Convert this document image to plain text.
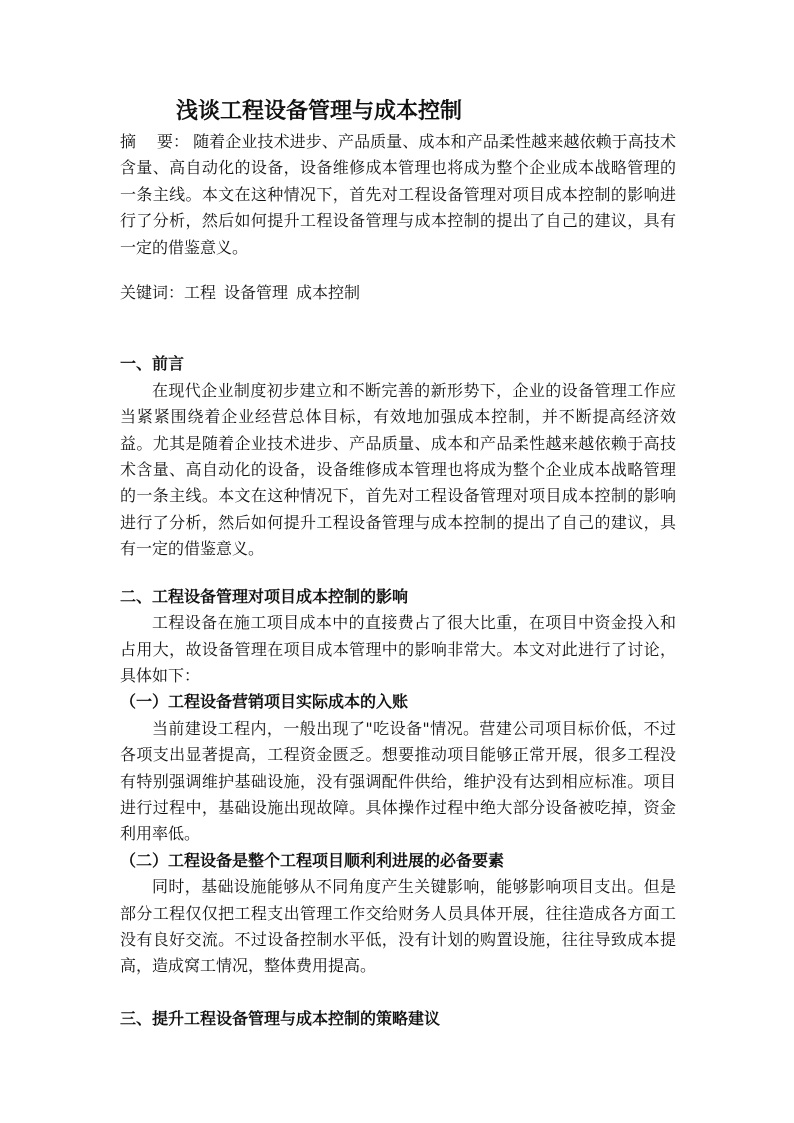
浅谈工程设备管理与成本控制

摘    要： 随着企业技术进步、产品质量、成本和产品柔性越来越依赖于高技术含量、高自动化的设备，设备维修成本管理也将成为整个企业成本战略管理的一条主线。本文在这种情况下，首先对工程设备管理对项目成本控制的影响进行了分析，然后如何提升工程设备管理与成本控制的提出了自己的建议，具有一定的借鉴意义。

关键词：工程 设备管理 成本控制

一、前言

在现代企业制度初步建立和不断完善的新形势下，企业的设备管理工作应当紧紧围绕着企业经营总体目标，有效地加强成本控制，并不断提高经济效益。尤其是随着企业技术进步、产品质量、成本和产品柔性越来越依赖于高技术含量、高自动化的设备，设备维修成本管理也将成为整个企业成本战略管理的一条主线。本文在这种情况下，首先对工程设备管理对项目成本控制的影响进行了分析，然后如何提升工程设备管理与成本控制的提出了自己的建议，具有一定的借鉴意义。

二、工程设备管理对项目成本控制的影响

工程设备在施工项目成本中的直接费占了很大比重，在项目中资金投入和占用大，故设备管理在项目成本管理中的影响非常大。本文对此进行了讨论，具体如下：

（一）工程设备营销项目实际成本的入账

当前建设工程内，一般出现了"吃设备"情况。营建公司项目标价低，不过各项支出显著提高，工程资金匮乏。想要推动项目能够正常开展，很多工程没有特别强调维护基础设施，没有强调配件供给，维护没有达到相应标准。项目进行过程中，基础设施出现故障。具体操作过程中绝大部分设备被吃掉，资金利用率低。

（二）工程设备是整个工程项目顺利利进展的必备要素

同时，基础设施能够从不同角度产生关键影响，能够影响项目支出。但是部分工程仅仅把工程支出管理工作交给财务人员具体开展，往往造成各方面工没有良好交流。不过设备控制水平低，没有计划的购置设施，往往导致成本提高，造成窝工情况，整体费用提高。

三、提升工程设备管理与成本控制的策略建议
